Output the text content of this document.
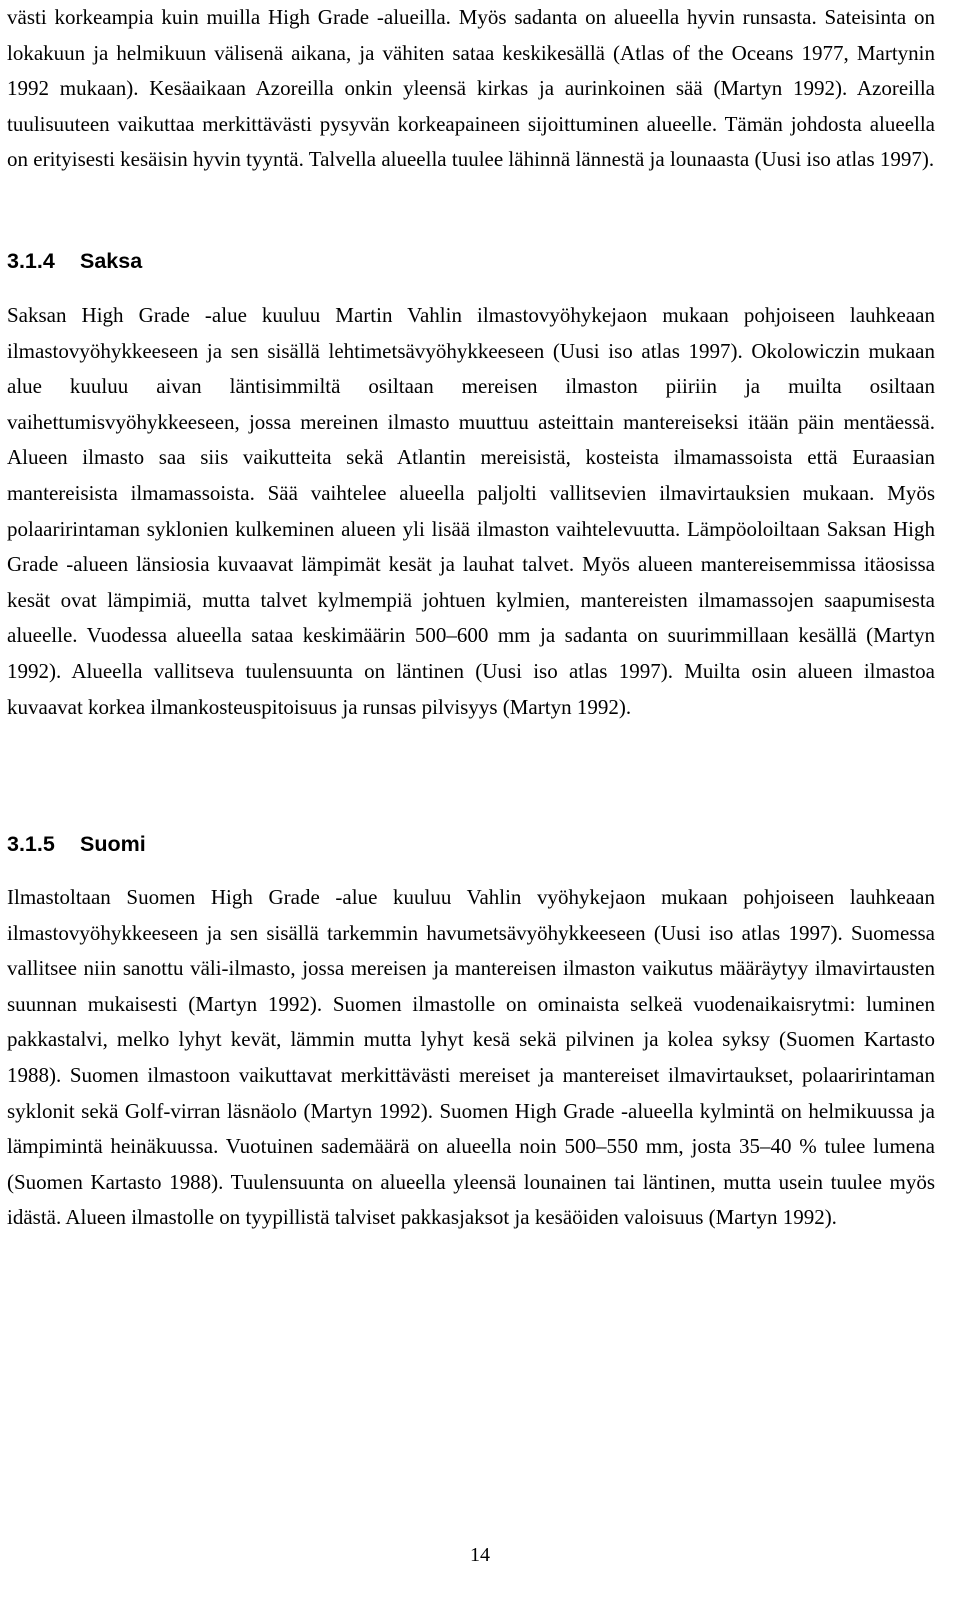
västi korkeampia kuin muilla High Grade -alueilla. Myös sadanta on alueella hyvin runsasta. Sateisinta on lokakuun ja helmikuun välisenä aikana, ja vähiten sataa keskikesällä (Atlas of the Oceans 1977, Martynin 1992 mukaan). Kesäaikaan Azoreilla onkin yleensä kirkas ja aurinkoinen sää (Martyn 1992). Azoreilla tuulisuuteen vaikuttaa merkittävästi pysyvän korkeapaineen sijoittuminen alueelle. Tämän johdosta alueella on erityisesti kesäisin hyvin tyyntä. Talvella alueella tuulee lähinnä lännestä ja lounaasta (Uusi iso atlas 1997).

3.1.4 Saksa

Saksan High Grade -alue kuuluu Martin Vahlin ilmastovyöhykejaon mukaan pohjoiseen lauhkeaan ilmastovyöhykkeeseen ja sen sisällä lehtimetsävyöhykkeeseen (Uusi iso atlas 1997). Okolowiczin mukaan alue kuuluu aivan läntisimmiltä osiltaan mereisen ilmaston piiriin ja muilta osiltaan vaihettumisvyöhykkeeseen, jossa mereinen ilmasto muuttuu asteittain mantereiseksi itään päin mentäessä. Alueen ilmasto saa siis vaikutteita sekä Atlantin mereisistä, kosteista ilmamassoista että Euraasian mantereisista ilmamassoista. Sää vaihtelee alueella paljolti vallitsevien ilmavirtauksien mukaan. Myös polaaririntaman syklonien kulkeminen alueen yli lisää ilmaston vaihtelevuutta. Lämpöoloiltaan Saksan High Grade -alueen länsiosia kuvaavat lämpimät kesät ja lauhat talvet. Myös alueen mantereisemmissa itäosissa kesät ovat lämpimiä, mutta talvet kylmempiä johtuen kylmien, mantereisten ilmamassojen saapumisesta alueelle. Vuodessa alueella sataa keskimäärin 500–600 mm ja sadanta on suurimmillaan kesällä (Martyn 1992). Alueella vallitseva tuulensuunta on läntinen (Uusi iso atlas 1997). Muilta osin alueen ilmastoa kuvaavat korkea ilmankosteuspitoisuus ja runsas pilvisyys (Martyn 1992).

3.1.5 Suomi

Ilmastoltaan Suomen High Grade -alue kuuluu Vahlin vyöhykejaon mukaan pohjoiseen lauhkeaan ilmastovyöhykkeeseen ja sen sisällä tarkemmin havumetsävyöhykkeeseen (Uusi iso atlas 1997). Suomessa vallitsee niin sanottu väli-ilmasto, jossa mereisen ja mantereisen ilmaston vaikutus määräytyy ilmavirtausten suunnan mukaisesti (Martyn 1992). Suomen ilmastolle on ominaista selkeä vuodenaikaisrytmi: luminen pakkastalvi, melko lyhyt kevät, lämmin mutta lyhyt kesä sekä pilvinen ja kolea syksy (Suomen Kartasto 1988). Suomen ilmastoon vaikuttavat merkittävästi mereiset ja mantereiset ilmavirtaukset, polaaririntaman syklonit sekä Golf-virran läsnäolo (Martyn 1992). Suomen High Grade -alueella kylmintä on helmikuussa ja lämpimintä heinäkuussa. Vuotuinen sademäärä on alueella noin 500–550 mm, josta 35–40 % tulee lumena (Suomen Kartasto 1988). Tuulensuunta on alueella yleensä lounainen tai läntinen, mutta usein tuulee myös idästä. Alueen ilmastolle on tyypillistä talviset pakkasjaksot ja kesäöiden valoisuus (Martyn 1992).

14
